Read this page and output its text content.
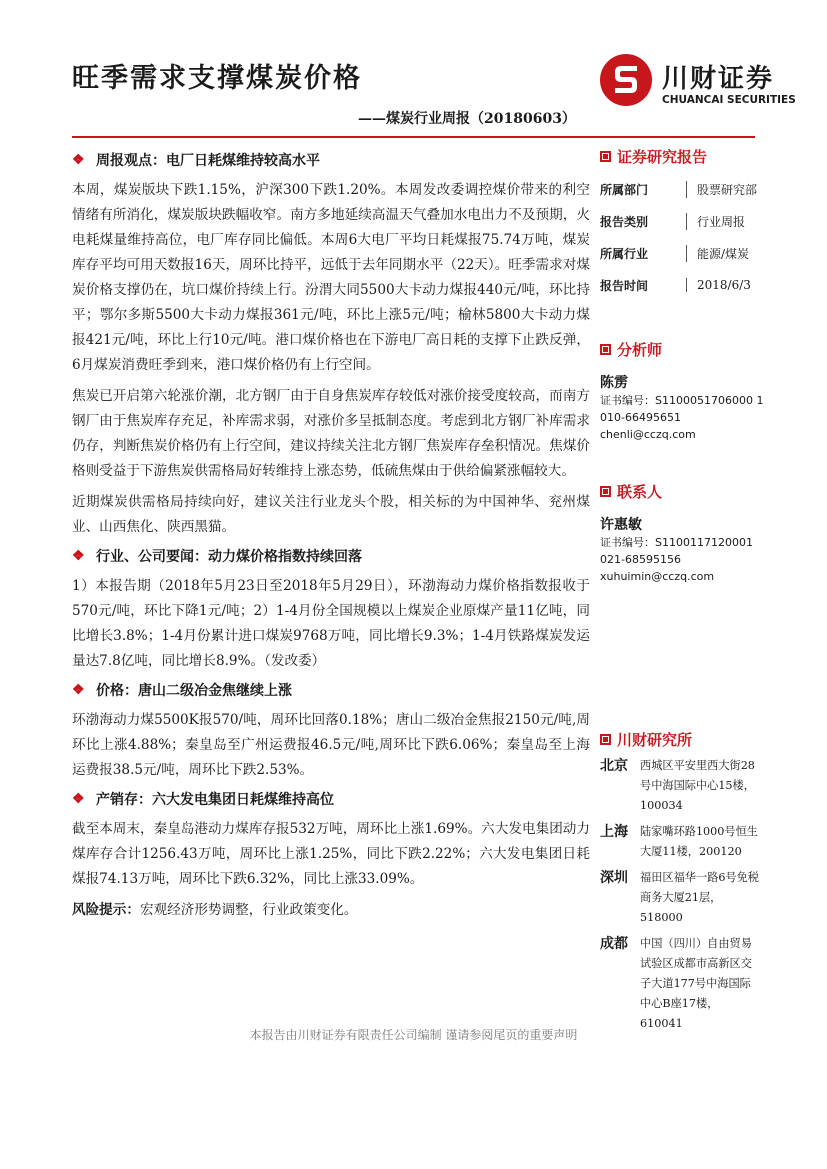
旺季需求支撑煤炭价格
——煤炭行业周报（20180603）
川财证券
CHUANCAI SECURITIES
❖ 周报观点：电厂日耗煤维持较高水平

本周，煤炭版块下跌1.15%，沪深300下跌1.20%。本周发改委调控煤价带来的利空情绪有所消化，煤炭版块跌幅收窄。南方多地延续高温天气叠加水电出力不及预期，火电耗煤量维持高位，电厂库存同比偏低。本周6大电厂平均日耗煤报75.74万吨，煤炭库存平均可用天数报16天，周环比持平，远低于去年同期水平（22天）。旺季需求对煤炭价格支撑仍在，坑口煤价持续上行。汾渭大同5500大卡动力煤报440元/吨，环比持平；鄂尔多斯5500大卡动力煤报361元/吨，环比上涨5元/吨；榆林5800大卡动力煤报421元/吨，环比上行10元/吨。港口煤价格也在下游电厂高日耗的支撑下止跌反弹，6月煤炭消费旺季到来，港口煤价格仍有上行空间。

焦炭已开启第六轮涨价潮，北方钢厂由于自身焦炭库存较低对涨价接受度较高，而南方钢厂由于焦炭库存充足，补库需求弱，对涨价多呈抵制态度。考虑到北方钢厂补库需求仍存，判断焦炭价格仍有上行空间，建议持续关注北方钢厂焦炭库存垒积情况。焦煤价格则受益于下游焦炭供需格局好转维持上涨态势，低硫焦煤由于供给偏紧涨幅较大。

近期煤炭供需格局持续向好，建议关注行业龙头个股，相关标的为中国神华、兖州煤业、山西焦化、陕西黑猫。

❖ 行业、公司要闻：动力煤价格指数持续回落

1）本报告期（2018年5月23日至2018年5月29日），环渤海动力煤价格指数报收于570元/吨，环比下降1元/吨；2）1-4月份全国规模以上煤炭企业原煤产量11亿吨，同比增长3.8%；1-4月份累计进口煤炭9768万吨，同比增长9.3%；1-4月铁路煤炭发运量达7.8亿吨，同比增长8.9%。（发改委）

❖ 价格：唐山二级冶金焦继续上涨

环渤海动力煤5500K报570/吨，周环比回落0.18%；唐山二级冶金焦报2150元/吨,周环比上涨4.88%；秦皇岛至广州运费报46.5元/吨,周环比下跌6.06%；秦皇岛至上海运费报38.5元/吨，周环比下跌2.53%。

❖ 产销存：六大发电集团日耗煤维持高位

截至本周末，秦皇岛港动力煤库存报532万吨，周环比上涨1.69%。六大发电集团动力煤库存合计1256.43万吨，周环比上涨1.25%，同比下跌2.22%；六大发电集团日耗煤报74.13万吨，周环比下跌6.32%，同比上涨33.09%。

风险提示：宏观经济形势调整，行业政策变化。

证券研究报告
所属部门	股票研究部
报告类别	行业周报
所属行业	能源/煤炭
报告时间	2018/6/3
分析师
陈雳
证书编号：S1100051706000 1
010-66495651
chenli@cczq.com
联系人
许惠敏
证书编号：S1100117120001
021-68595156
xuhuimin@cczq.com
川财研究所
北京	西城区平安里西大街28号中海国际中心15楼，100034
上海	陆家嘴环路1000号恒生大厦11楼，200120
深圳	福田区福华一路6号免税商务大厦21层，518000
成都	中国（四川）自由贸易试验区成都市高新区交子大道177号中海国际中心B座17楼，610041
本报告由川财证券有限责任公司编制 谨请参阅尾页的重要声明
